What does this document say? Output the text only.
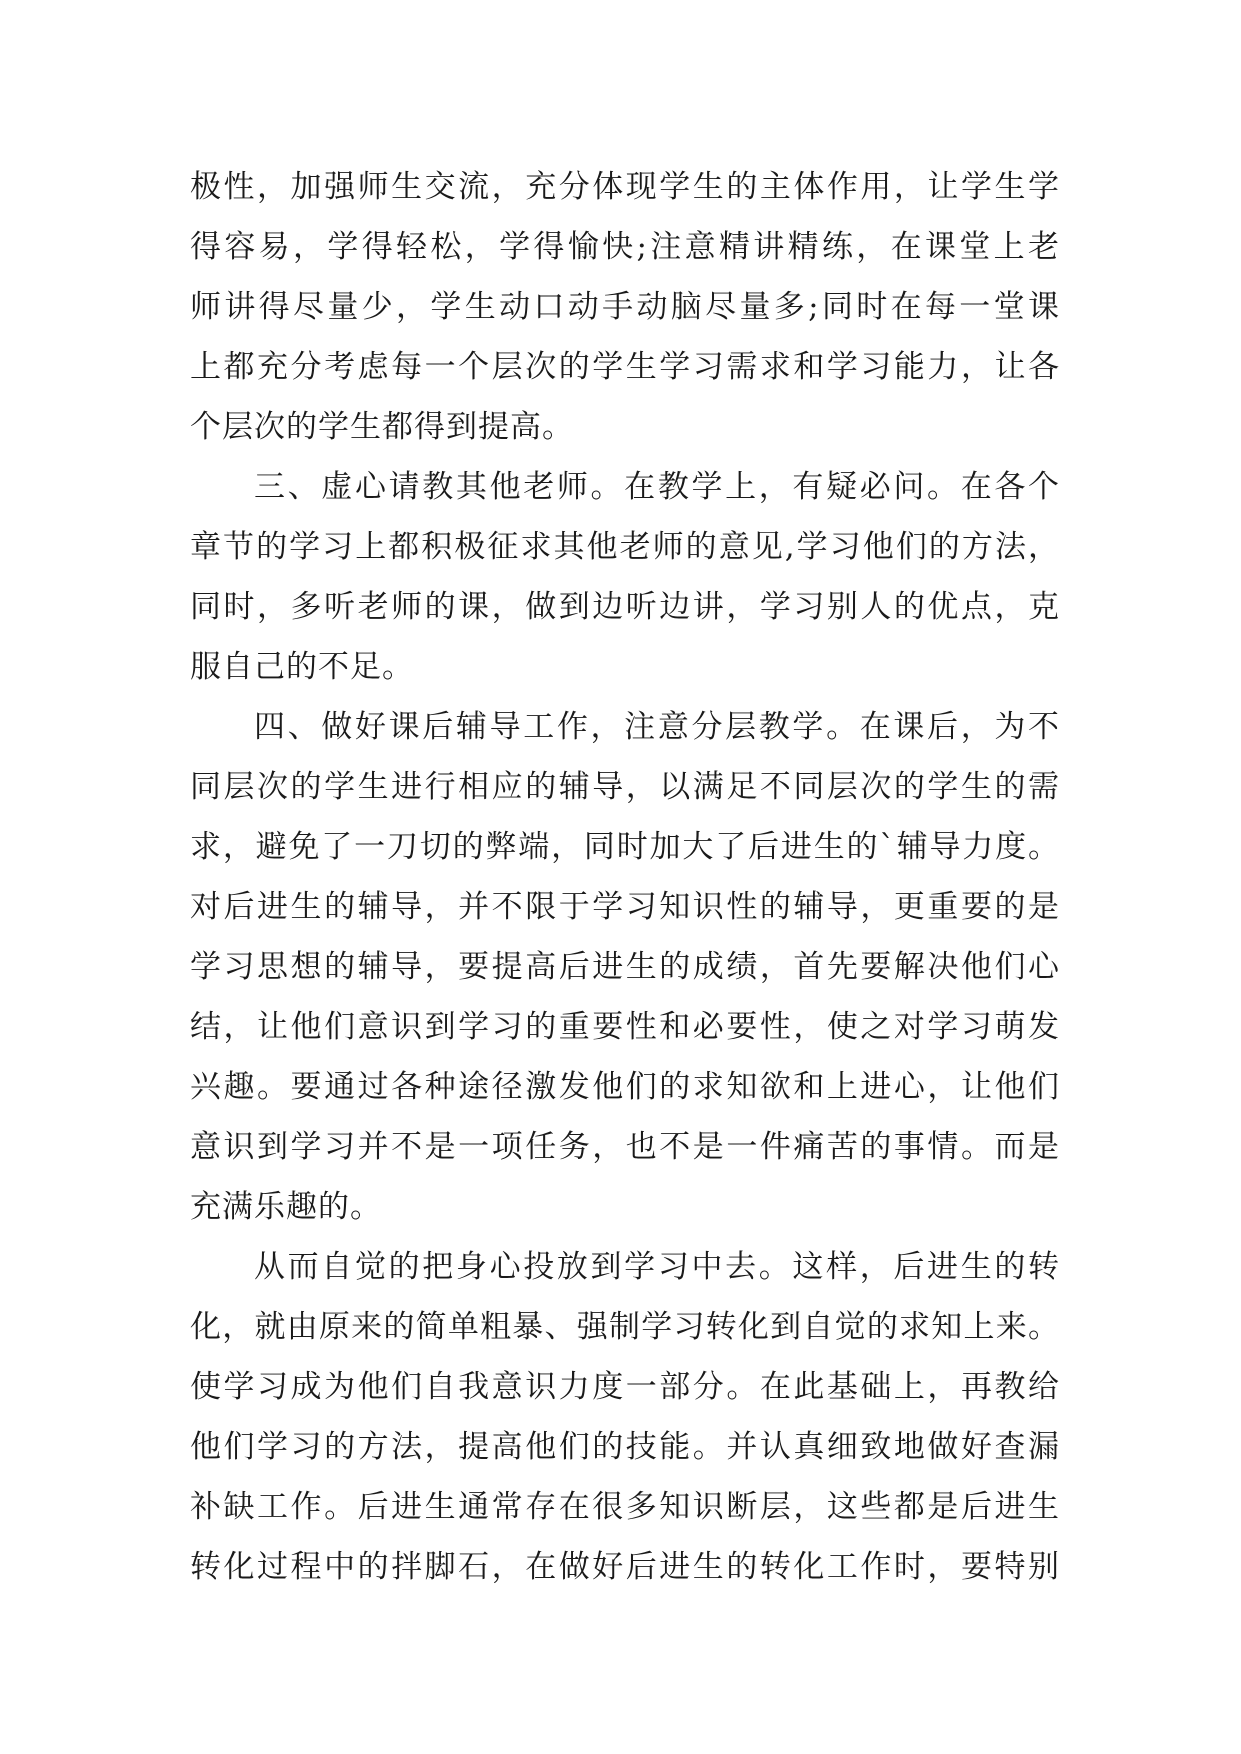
极性，加强师生交流，充分体现学生的主体作用，让学生学
得容易，学得轻松，学得愉快;注意精讲精练，在课堂上老
师讲得尽量少，学生动口动手动脑尽量多;同时在每一堂课
上都充分考虑每一个层次的学生学习需求和学习能力，让各
个层次的学生都得到提高。
三、虚心请教其他老师。在教学上，有疑必问。在各个
章节的学习上都积极征求其他老师的意见,学习他们的方法，
同时，多听老师的课，做到边听边讲，学习别人的优点，克
服自己的不足。
四、做好课后辅导工作，注意分层教学。在课后，为不
同层次的学生进行相应的辅导，以满足不同层次的学生的需
求，避免了一刀切的弊端，同时加大了后进生的`辅导力度。
对后进生的辅导，并不限于学习知识性的辅导，更重要的是
学习思想的辅导，要提高后进生的成绩，首先要解决他们心
结，让他们意识到学习的重要性和必要性，使之对学习萌发
兴趣。要通过各种途径激发他们的求知欲和上进心，让他们
意识到学习并不是一项任务，也不是一件痛苦的事情。而是
充满乐趣的。
从而自觉的把身心投放到学习中去。这样，后进生的转
化，就由原来的简单粗暴、强制学习转化到自觉的求知上来。
使学习成为他们自我意识力度一部分。在此基础上，再教给
他们学习的方法，提高他们的技能。并认真细致地做好查漏
补缺工作。后进生通常存在很多知识断层，这些都是后进生
转化过程中的拌脚石，在做好后进生的转化工作时，要特别
